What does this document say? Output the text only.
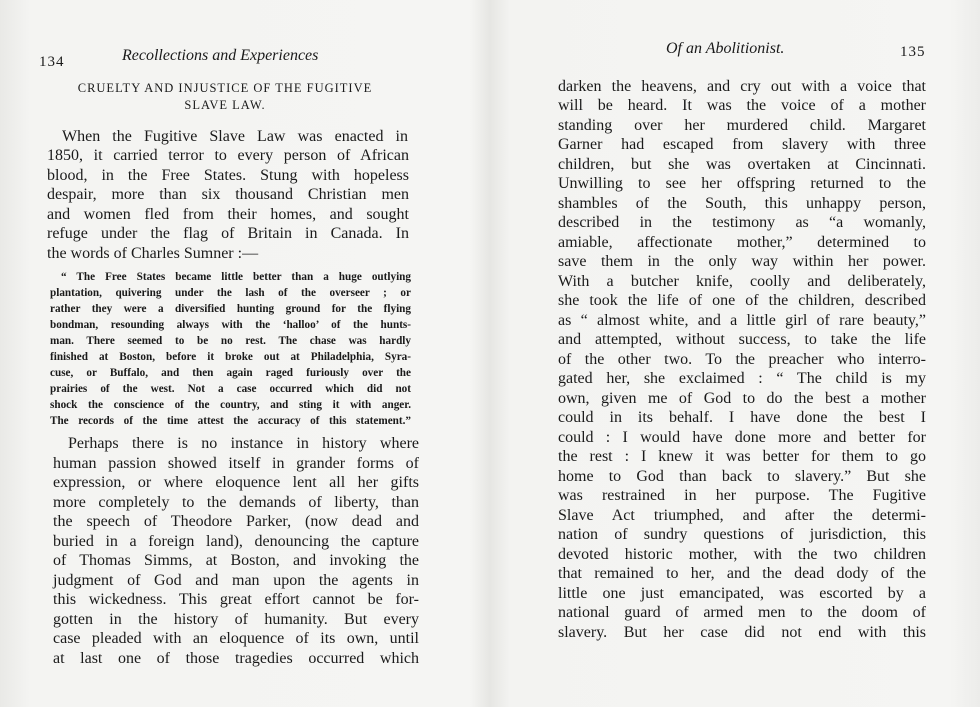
134	Recollections and Experiences
CRUELTY AND INJUSTICE OF THE FUGITIVE
SLAVE LAW.
When the Fugitive Slave Law was enacted in
1850, it carried terror to every person of African
blood, in the Free States. Stung with hopeless
despair, more than six thousand Christian men
and women fled from their homes, and sought
refuge under the flag of Britain in Canada. In
the words of Charles Sumner :—
“ The Free States became little better than a huge outlying
plantation, quivering under the lash of the overseer ; or
rather they were a diversified hunting ground for the flying
bondman, resounding always with the ‘halloo’ of the hunts-
man. There seemed to be no rest. The chase was hardly
finished at Boston, before it broke out at Philadelphia, Syra-
cuse, or Buffalo, and then again raged furiously over the
prairies of the west. Not a case occurred which did not
shock the conscience of the country, and sting it with anger.
The records of the time attest the accuracy of this statement.”
Perhaps there is no instance in history where
human passion showed itself in grander forms of
expression, or where eloquence lent all her gifts
more completely to the demands of liberty, than
the speech of Theodore Parker, (now dead and
buried in a foreign land), denouncing the capture
of Thomas Simms, at Boston, and invoking the
judgment of God and man upon the agents in
this wickedness. This great effort cannot be for-
gotten in the history of humanity. But every
case pleaded with an eloquence of its own, until
at last one of those tragedies occurred which
Of an Abolitionist.	135
darken the heavens, and cry out with a voice that
will be heard. It was the voice of a mother
standing over her murdered child. Margaret
Garner had escaped from slavery with three
children, but she was overtaken at Cincinnati.
Unwilling to see her offspring returned to the
shambles of the South, this unhappy person,
described in the testimony as “a womanly,
amiable, affectionate mother,” determined to
save them in the only way within her power.
With a butcher knife, coolly and deliberately,
she took the life of one of the children, described
as “ almost white, and a little girl of rare beauty,”
and attempted, without success, to take the life
of the other two. To the preacher who interro-
gated her, she exclaimed : “ The child is my
own, given me of God to do the best a mother
could in its behalf. I have done the best I
could : I would have done more and better for
the rest : I knew it was better for them to go
home to God than back to slavery.” But she
was restrained in her purpose. The Fugitive
Slave Act triumphed, and after the determi-
nation of sundry questions of jurisdiction, this
devoted historic mother, with the two children
that remained to her, and the dead dody of the
little one just emancipated, was escorted by a
national guard of armed men to the doom of
slavery. But her case did not end with this
